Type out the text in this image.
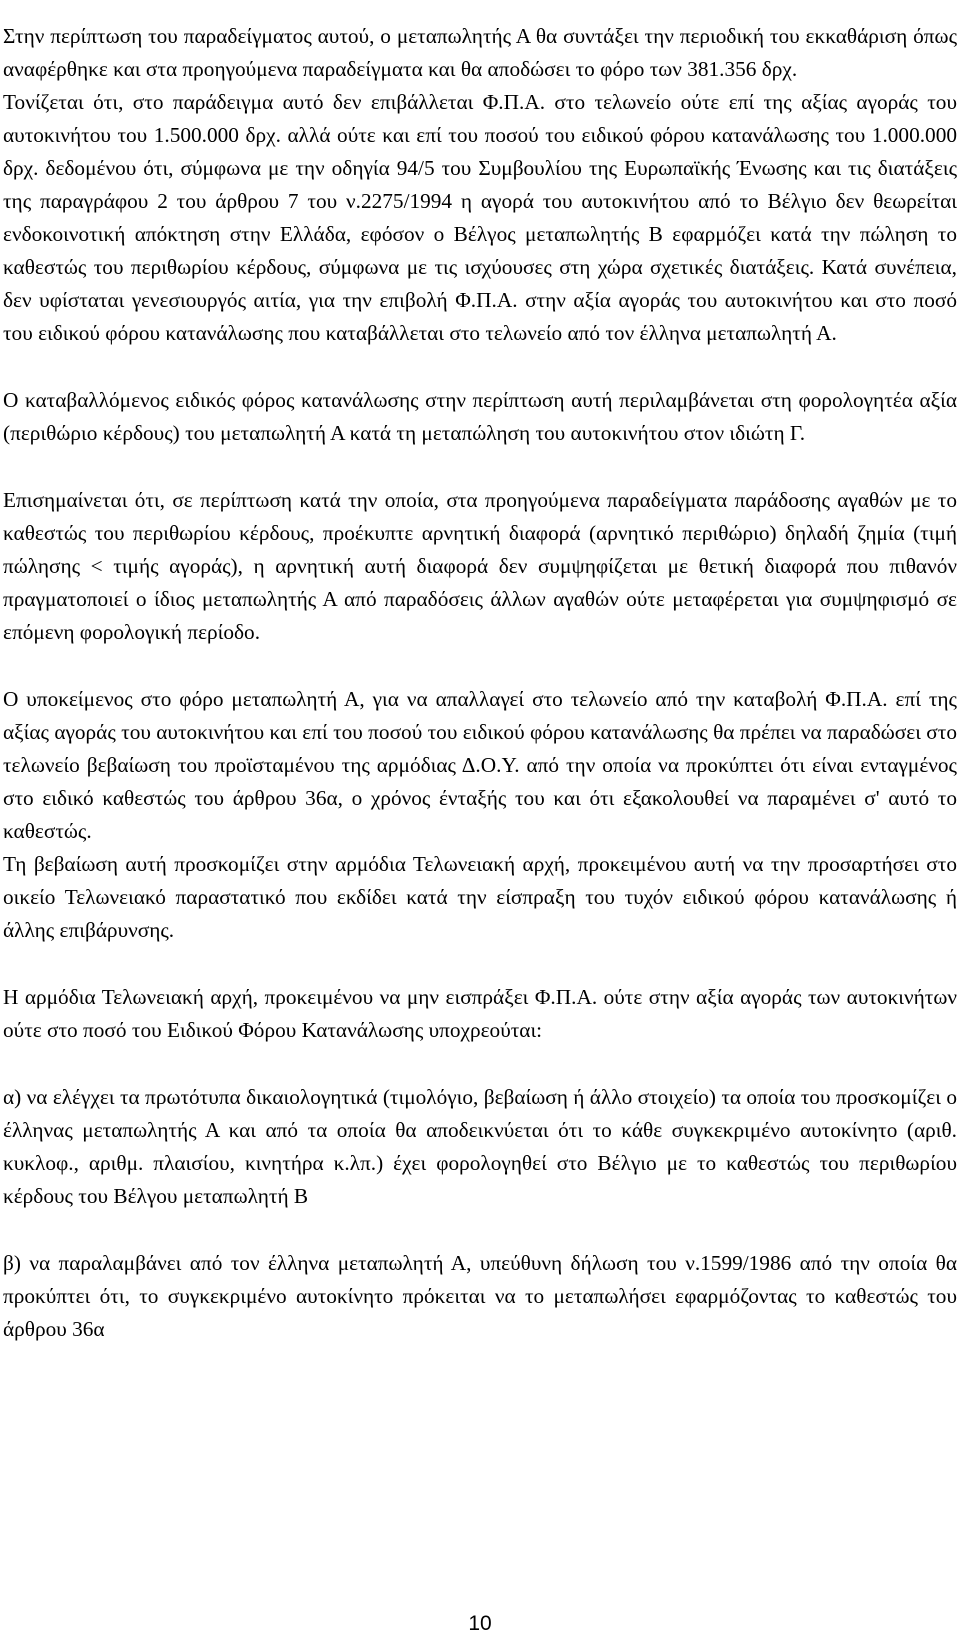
Στην περίπτωση του παραδείγματος αυτού, ο μεταπωλητής Α θα συντάξει την περιοδική του εκκαθάριση όπως αναφέρθηκε και στα προηγούμενα παραδείγματα και θα αποδώσει το φόρο των 381.356 δρχ.

Τονίζεται ότι, στο παράδειγμα αυτό δεν επιβάλλεται Φ.Π.Α. στο τελωνείο ούτε επί της αξίας αγοράς του αυτοκινήτου του 1.500.000 δρχ. αλλά ούτε και επί του ποσού του ειδικού φόρου κατανάλωσης του 1.000.000 δρχ. δεδομένου ότι, σύμφωνα με την οδηγία 94/5 του Συμβουλίου της Ευρωπαϊκής Ένωσης και τις διατάξεις της παραγράφου 2 του άρθρου 7 του ν.2275/1994 η αγορά του αυτοκινήτου από το Βέλγιο δεν θεωρείται ενδοκοινοτική απόκτηση στην Ελλάδα, εφόσον ο Βέλγος μεταπωλητής Β εφαρμόζει κατά την πώληση το καθεστώς του περιθωρίου κέρδους, σύμφωνα με τις ισχύουσες στη χώρα σχετικές διατάξεις. Κατά συνέπεια, δεν υφίσταται γενεσιουργός αιτία, για την επιβολή Φ.Π.Α. στην αξία αγοράς του αυτοκινήτου και στο ποσό του ειδικού φόρου κατανάλωσης που καταβάλλεται στο τελωνείο από τον έλληνα μεταπωλητή Α.

Ο καταβαλλόμενος ειδικός φόρος κατανάλωσης στην περίπτωση αυτή περιλαμβάνεται στη φορολογητέα αξία (περιθώριο κέρδους) του μεταπωλητή Α κατά τη μεταπώληση του αυτοκινήτου στον ιδιώτη Γ.

Επισημαίνεται ότι, σε περίπτωση κατά την οποία, στα προηγούμενα παραδείγματα παράδοσης αγαθών με το καθεστώς του περιθωρίου κέρδους, προέκυπτε αρνητική διαφορά (αρνητικό περιθώριο) δηλαδή ζημία (τιμή πώλησης < τιμής αγοράς), η αρνητική αυτή διαφορά δεν συμψηφίζεται με θετική διαφορά που πιθανόν πραγματοποιεί ο ίδιος μεταπωλητής Α από παραδόσεις άλλων αγαθών ούτε μεταφέρεται για συμψηφισμό σε επόμενη φορολογική περίοδο.

Ο υποκείμενος στο φόρο μεταπωλητή Α, για να απαλλαγεί στο τελωνείο από την καταβολή Φ.Π.Α. επί της αξίας αγοράς του αυτοκινήτου και επί του ποσού του ειδικού φόρου κατανάλωσης θα πρέπει να παραδώσει στο τελωνείο βεβαίωση του προϊσταμένου της αρμόδιας Δ.Ο.Υ. από την οποία να προκύπτει ότι είναι ενταγμένος στο ειδικό καθεστώς του άρθρου 36α, ο χρόνος ένταξής του και ότι εξακολουθεί να παραμένει σ' αυτό το καθεστώς.

Τη βεβαίωση αυτή προσκομίζει στην αρμόδια Τελωνειακή αρχή, προκειμένου αυτή να την προσαρτήσει στο οικείο Τελωνειακό παραστατικό που εκδίδει κατά την είσπραξη του τυχόν ειδικού φόρου κατανάλωσης ή άλλης επιβάρυνσης.

Η αρμόδια Τελωνειακή αρχή, προκειμένου να μην εισπράξει Φ.Π.Α. ούτε στην αξία αγοράς των αυτοκινήτων ούτε στο ποσό του Ειδικού Φόρου Κατανάλωσης υποχρεούται:

α) να ελέγχει τα πρωτότυπα δικαιολογητικά (τιμολόγιο, βεβαίωση ή άλλο στοιχείο) τα οποία του προσκομίζει ο έλληνας μεταπωλητής Α και από τα οποία θα αποδεικνύεται ότι το κάθε συγκεκριμένο αυτοκίνητο (αριθ. κυκλοφ., αριθμ. πλαισίου, κινητήρα κ.λπ.) έχει φορολογηθεί στο Βέλγιο με το καθεστώς του περιθωρίου κέρδους του Βέλγου μεταπωλητή Β

β) να παραλαμβάνει από τον έλληνα μεταπωλητή Α, υπεύθυνη δήλωση του ν.1599/1986 από την οποία θα προκύπτει ότι, το συγκεκριμένο αυτοκίνητο πρόκειται να το μεταπωλήσει εφαρμόζοντας το καθεστώς του άρθρου 36α

10
